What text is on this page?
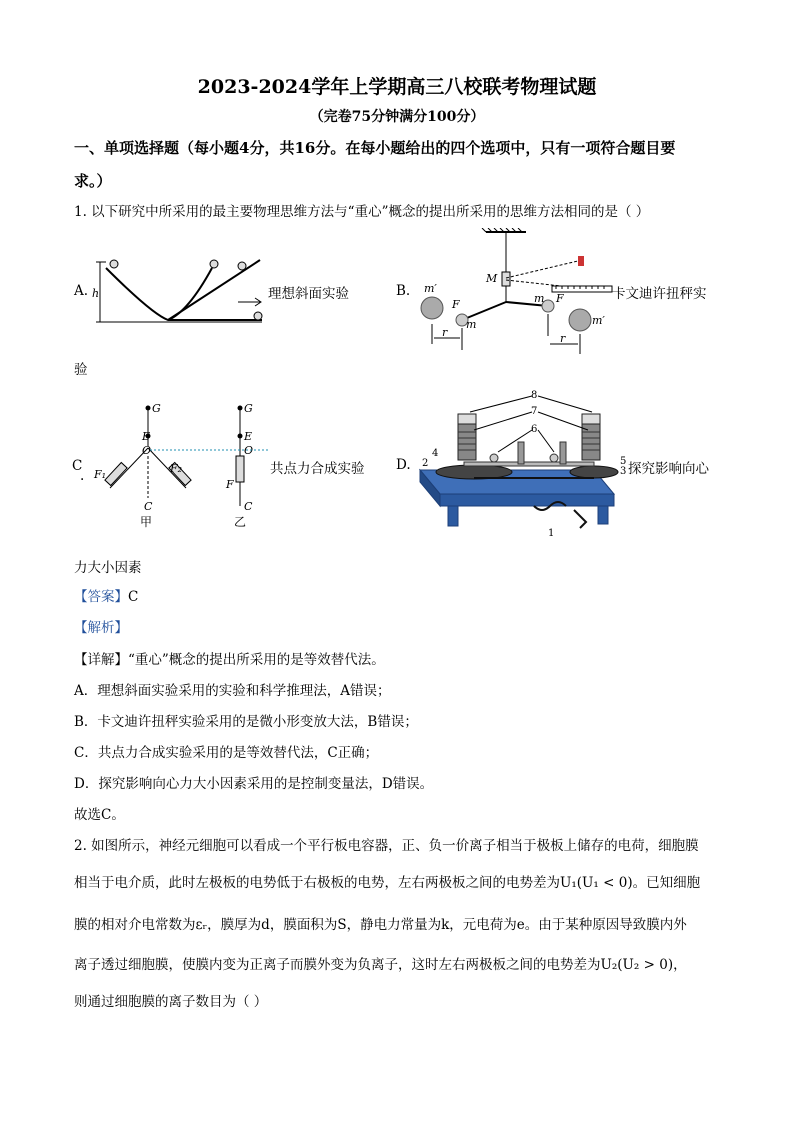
2023-2024学年上学期高三八校联考物理试题
（完卷75分钟满分100分）
一、单项选择题（每小题4分，共16分。在每小题给出的四个选项中，只有一项符合题目要
求。）
1. 以下研究中所采用的最主要物理思维方法与“重心”概念的提出所采用的思维方法相同的是（ ）
A. h	理想斜面实验	B.
M
m′
m′
m
m
F	F
r	r
卡文迪许扭秤实
验
C
.
G
E
O
F₁	F₂
C
甲
G
E
O
F
C
乙
共点力合成实验 D.
8
7
6
4
2	5
3
1
探究影响向心
力大小因素
【答案】C
【解析】
【详解】“重心”概念的提出所采用的是等效替代法。
A．理想斜面实验采用的实验和科学推理法，A错误；
B．卡文迪许扭秤实验采用的是微小形变放大法，B错误；
C．共点力合成实验采用的是等效替代法，C正确；
D．探究影响向心力大小因素采用的是控制变量法，D错误。
故选C。
2. 如图所示，神经元细胞可以看成一个平行板电容器，正、负一价离子相当于极板上储存的电荷，细胞膜
相当于电介质，此时左极板的电势低于右极板的电势，左右两极板之间的电势差为U₁(U₁ < 0)。已知细胞
膜的相对介电常数为εᵣ，膜厚为d，膜面积为S，静电力常量为k，元电荷为e。由于某种原因导致膜内外
离子透过细胞膜，使膜内变为正离子而膜外变为负离子，这时左右两极板之间的电势差为U₂(U₂ > 0)，
则通过细胞膜的离子数目为（ ）
